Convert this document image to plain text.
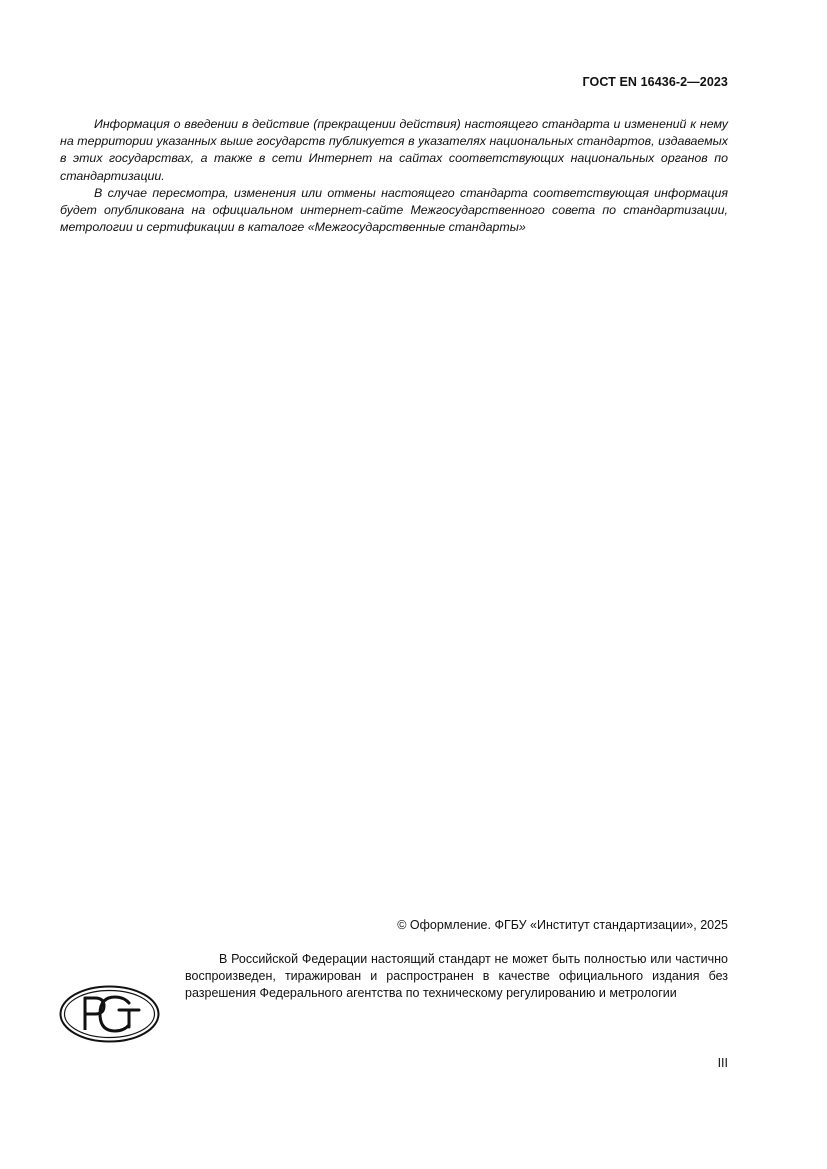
ГОСТ EN 16436-2—2023

Информация о введении в действие (прекращении действия) настоящего стандарта и изменений к нему на территории указанных выше государств публикуется в указателях национальных стандартов, издаваемых в этих государствах, а также в сети Интернет на сайтах соответствующих национальных органов по стандартизации.

В случае пересмотра, изменения или отмены настоящего стандарта соответствующая информация будет опубликована на официальном интернет-сайте Межгосударственного совета по стандартизации, метрологии и сертификации в каталоге «Межгосударственные стандарты»

© Оформление. ФГБУ «Институт стандартизации», 2025

В Российской Федерации настоящий стандарт не может быть полностью или частично воспроизведен, тиражирован и распространен в качестве официального издания без разрешения Федерального агентства по техническому регулированию и метрологии

III
